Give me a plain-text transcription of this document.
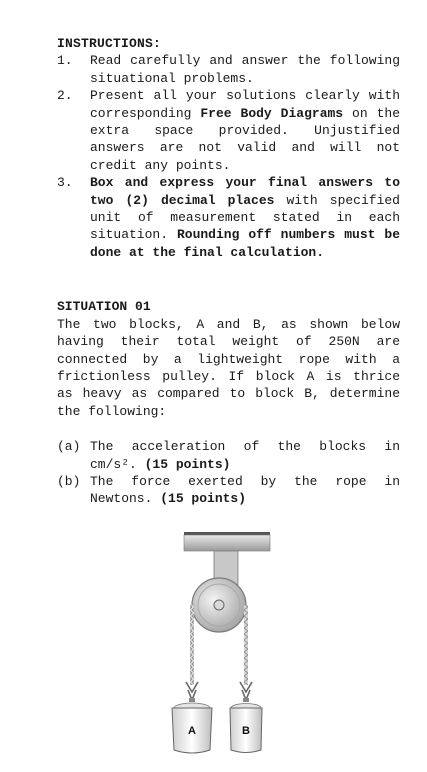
INSTRUCTIONS:
1.	Read carefully and answer the following situational problems.
2.	Present all your solutions clearly with corresponding Free Body Diagrams on the extra space provided. Unjustified answers are not valid and will not credit any points.
3.	Box and express your final answers to two (2) decimal places with specified unit of measurement stated in each situation. Rounding off numbers must be done at the final calculation.
SITUATION 01
The two blocks, A and B, as shown below having their total weight of 250N are connected by a lightweight rope with a frictionless pulley. If block A is thrice as heavy as compared to block B, determine the following:
(a) The acceleration of the blocks in cm/s². (15 points)
(b) The force exerted by the rope in Newtons. (15 points)
A	B
